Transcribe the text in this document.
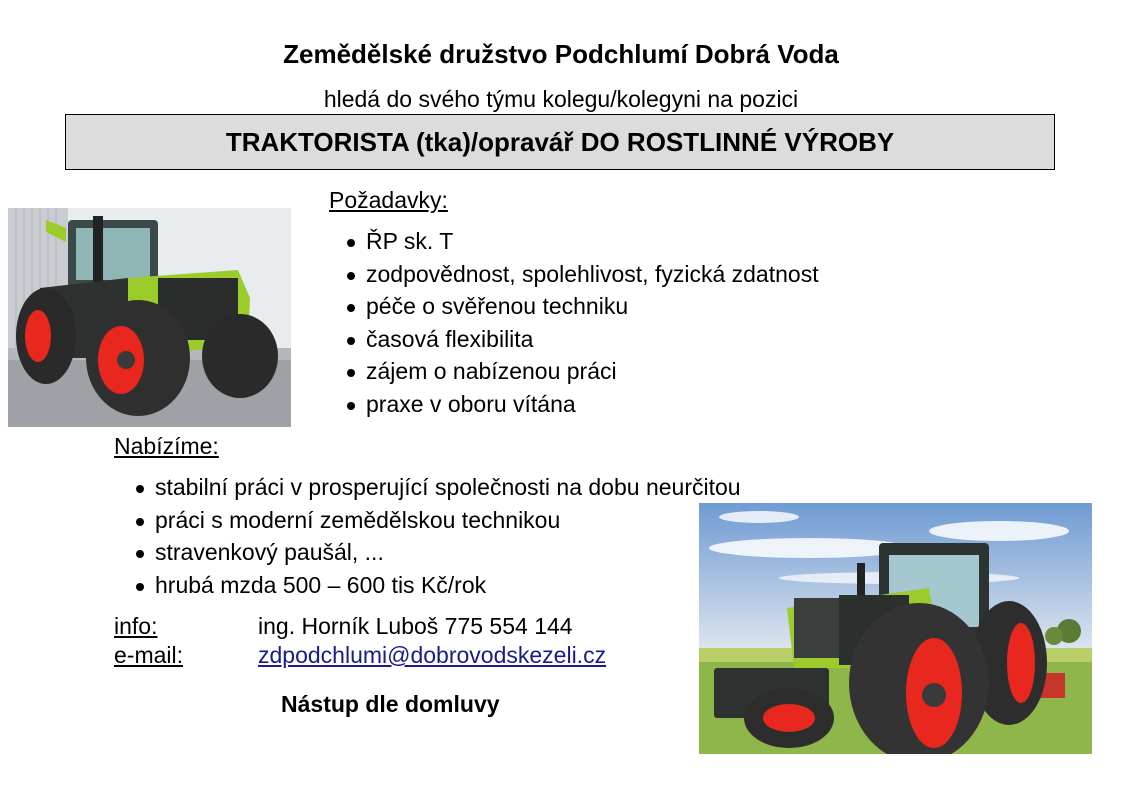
Zemědělské družstvo Podchlumí Dobrá Voda
hledá do svého týmu kolegu/kolegyni na pozici
TRAKTORISTA (tka)/opravář DO ROSTLINNÉ VÝROBY
Požadavky:
ŘP sk. T
zodpovědnost, spolehlivost, fyzická zdatnost
péče o svěřenou techniku
časová flexibilita
zájem o nabízenou práci
praxe v oboru vítána
Nabízíme:
stabilní práci v prosperující společnosti na dobu neurčitou
práci s moderní zemědělskou technikou
stravenkový paušál, ...
hrubá mzda 500 – 600 tis Kč/rok
info:	ing. Horník Luboš 775 554 144
e-mail:	zdpodchlumi@dobrovodskezeli.cz
Nástup dle domluvy
